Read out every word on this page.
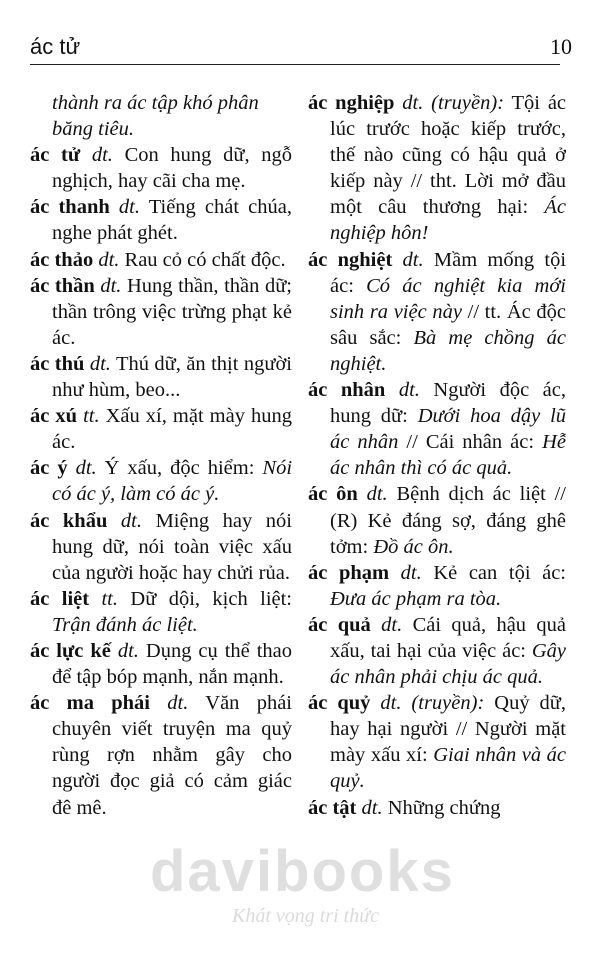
ác tử	10

thành ra ác tập khó phân băng tiêu.

ác tử dt. Con hung dữ, ngỗ nghịch, hay cãi cha mẹ.

ác thanh dt. Tiếng chát chúa, nghe phát ghét.

ác thảo dt. Rau cỏ có chất độc.

ác thần dt. Hung thần, thần dữ; thần trông việc trừng phạt kẻ ác.

ác thú dt. Thú dữ, ăn thịt người như hùm, beo...

ác xú tt. Xấu xí, mặt mày hung ác.

ác ý dt. Ý xấu, độc hiểm: Nói có ác ý, làm có ác ý.

ác khẩu dt. Miệng hay nói hung dữ, nói toàn việc xấu của người hoặc hay chửi rủa.

ác liệt tt. Dữ dội, kịch liệt: Trận đánh ác liệt.

ác lực kế dt. Dụng cụ thể thao để tập bóp mạnh, nắn mạnh.

ác ma phái dt. Văn phái chuyên viết truyện ma quỷ rùng rợn nhằm gây cho người đọc giả có cảm giác đê mê.

ác nghiệp dt. (truyền): Tội ác lúc trước hoặc kiếp trước, thế nào cũng có hậu quả ở kiếp này // tht. Lời mở đầu một câu thương hại: Ác nghiệp hôn!

ác nghiệt dt. Mầm mống tội ác: Có ác nghiệt kia mới sinh ra việc này // tt. Ác độc sâu sắc: Bà mẹ chồng ác nghiệt.

ác nhân dt. Người độc ác, hung dữ: Dưới hoa dậy lũ ác nhân // Cái nhân ác: Hễ ác nhân thì có ác quả.

ác ôn dt. Bệnh dịch ác liệt // (R) Kẻ đáng sợ, đáng ghê tởm: Đồ ác ôn.

ác phạm dt. Kẻ can tội ác: Đưa ác phạm ra tòa.

ác quả dt. Cái quả, hậu quả xấu, tai hại của việc ác: Gây ác nhân phải chịu ác quả.

ác quỷ dt. (truyền): Quỷ dữ, hay hại người // Người mặt mày xấu xí: Giai nhân và ác quỷ.

ác tật dt. Những chứng

davibooks
Khát vọng tri thức
